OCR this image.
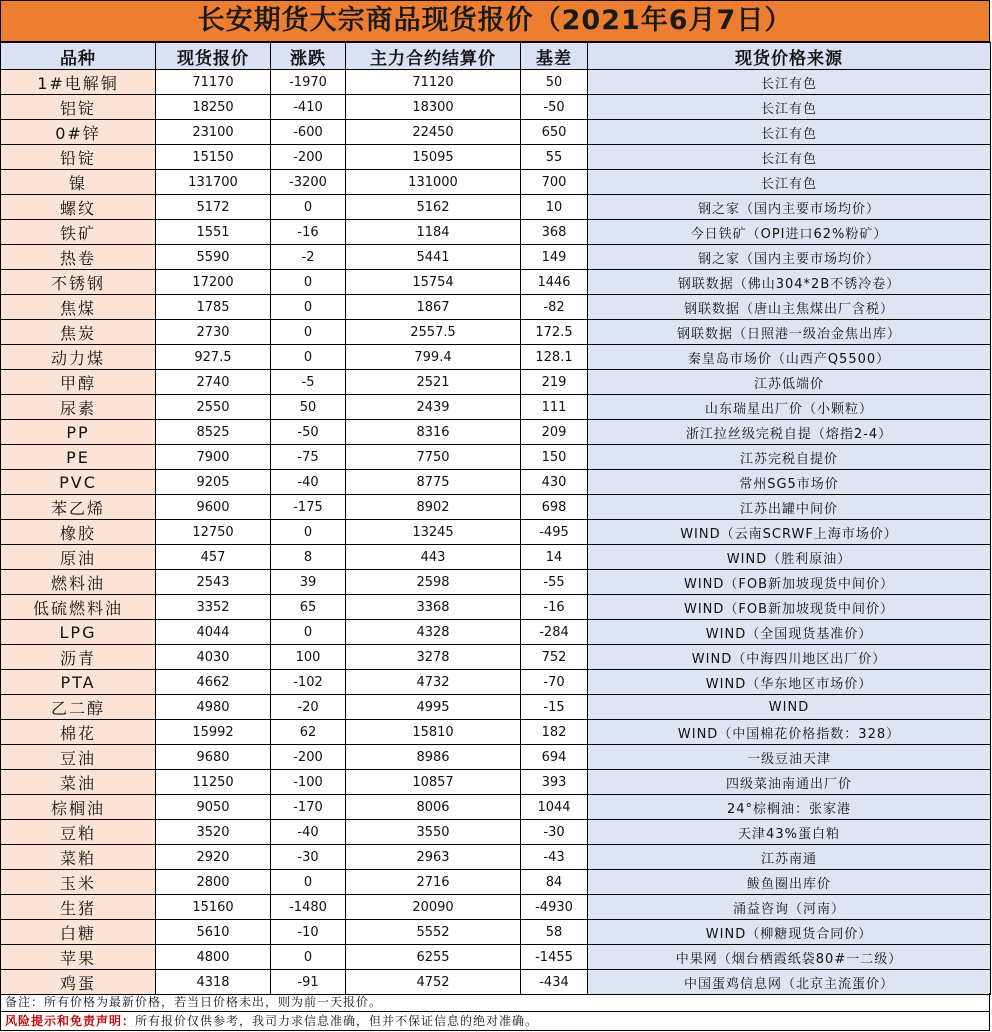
长安期货大宗商品现货报价（2021年6月7日）
品种	现货报价	涨跌	主力合约结算价	基差	现货价格来源
1#电解铜	71170	-1970	71120	50	长江有色
铝锭	18250	-410	18300	-50	长江有色
0#锌	23100	-600	22450	650	长江有色
铅锭	15150	-200	15095	55	长江有色
镍	131700	-3200	131000	700	长江有色
螺纹	5172	0	5162	10	钢之家（国内主要市场均价）
铁矿	1551	-16	1184	368	今日铁矿（OPI进口62%粉矿）
热卷	5590	-2	5441	149	钢之家（国内主要市场均价）
不锈钢	17200	0	15754	1446	钢联数据（佛山304*2B不锈冷卷）
焦煤	1785	0	1867	-82	钢联数据（唐山主焦煤出厂含税）
焦炭	2730	0	2557.5	172.5	钢联数据（日照港一级冶金焦出库）
动力煤	927.5	0	799.4	128.1	秦皇岛市场价（山西产Q5500）
甲醇	2740	-5	2521	219	江苏低端价
尿素	2550	50	2439	111	山东瑞星出厂价（小颗粒）
PP	8525	-50	8316	209	浙江拉丝级完税自提（熔指2-4）
PE	7900	-75	7750	150	江苏完税自提价
PVC	9205	-40	8775	430	常州SG5市场价
苯乙烯	9600	-175	8902	698	江苏出罐中间价
橡胶	12750	0	13245	-495	WIND（云南SCRWF上海市场价）
原油	457	8	443	14	WIND（胜利原油）
燃料油	2543	39	2598	-55	WIND（FOB新加坡现货中间价）
低硫燃料油	3352	65	3368	-16	WIND（FOB新加坡现货中间价）
LPG	4044	0	4328	-284	WIND（全国现货基准价）
沥青	4030	100	3278	752	WIND（中海四川地区出厂价）
PTA	4662	-102	4732	-70	WIND（华东地区市场价）
乙二醇	4980	-20	4995	-15	WIND
棉花	15992	62	15810	182	WIND（中国棉花价格指数：328）
豆油	9680	-200	8986	694	一级豆油天津
菜油	11250	-100	10857	393	四级菜油南通出厂价
棕榈油	9050	-170	8006	1044	24°棕榈油：张家港
豆粕	3520	-40	3550	-30	天津43%蛋白粕
菜粕	2920	-30	2963	-43	江苏南通
玉米	2800	0	2716	84	鲅鱼圈出库价
生猪	15160	-1480	20090	-4930	涌益咨询（河南）
白糖	5610	-10	5552	58	WIND（柳糖现货合同价）
苹果	4800	0	6255	-1455	中果网（烟台栖霞纸袋80#一二级）
鸡蛋	4318	-91	4752	-434	中国蛋鸡信息网（北京主流蛋价）
备注：所有价格为最新价格，若当日价格未出，则为前一天报价。
风险提示和免责声明：所有报价仅供参考，我司力求信息准确，但并不保证信息的绝对准确。
